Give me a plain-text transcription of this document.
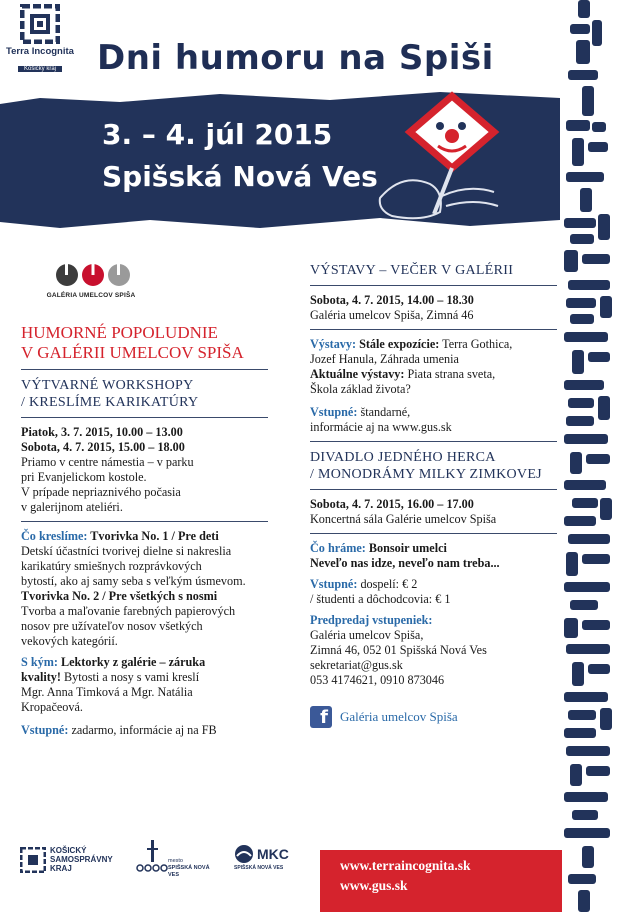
Terra Incognita
Košický kraj	Dni humoru na Spiši
3. – 4. júl 2015
Spišská Nová Ves
GALÉRIA UMELCOV SPIŠA
HUMORNÉ POPOLUDNIE
V GALÉRII UMELCOV SPIŠA
VÝTVARNÉ WORKSHOPY
/ KRESLÍME KARIKATÚRY
Piatok, 3. 7. 2015, 10.00 – 13.00
Sobota, 4. 7. 2015, 15.00 – 18.00
Priamo v centre námestia – v parku
pri Evanjelickom kostole.
V prípade nepriaznivého počasia
v galerijnom ateliéri.
Čo kreslíme: Tvorivka No. 1 / Pre deti
Detskí účastníci tvorivej dielne si nakreslia
karikatúry smiešnych rozprávkových
bytostí, ako aj samy seba s veľkým úsmevom.
Tvorivka No. 2 / Pre všetkých s nosmi
Tvorba a maľovanie farebných papierových
nosov pre užívateľov nosov všetkých
vekových kategórií.
S kým: Lektorky z galérie – záruka
kvality! Bytosti a nosy s vami kreslí
Mgr. Anna Timková a Mgr. Natália
Kropačeová.
Vstupné: zadarmo, informácie aj na FB
VÝSTAVY – VEČER V GALÉRII
Sobota, 4. 7. 2015, 14.00 – 18.30
Galéria umelcov Spiša, Zimná 46
Výstavy: Stále expozície: Terra Gothica,
Jozef Hanula, Záhrada umenia
Aktuálne výstavy: Piata strana sveta,
Škola základ života?
Vstupné: štandarné,
informácie aj na www.gus.sk
DIVADLO JEDNÉHO HERCA
/ MONODRÁMY MILKY ZIMKOVEJ
Sobota, 4. 7. 2015, 16.00 – 17.00
Koncertná sála Galérie umelcov Spiša
Čo hráme: Bonsoir umelci
Neveľo nas idze, neveľo nam treba...
Vstupné: dospelí: € 2
/ študenti a dôchodcovia: € 1
Predpredaj vstupeniek:
Galéria umelcov Spiša,
Zimná 46, 052 01 Spišská Nová Ves
sekretariat@gus.sk
053 4174621, 0910 873046
f Galéria umelcov Spiša
KOŠICKÝ
SAMOSPRÁVNY
KRAJ
mesto
SPIŠSKÁ NOVÁ VES
MKC
SPIŠSKÁ NOVÁ VES	www.terraincognita.sk
www.gus.sk
